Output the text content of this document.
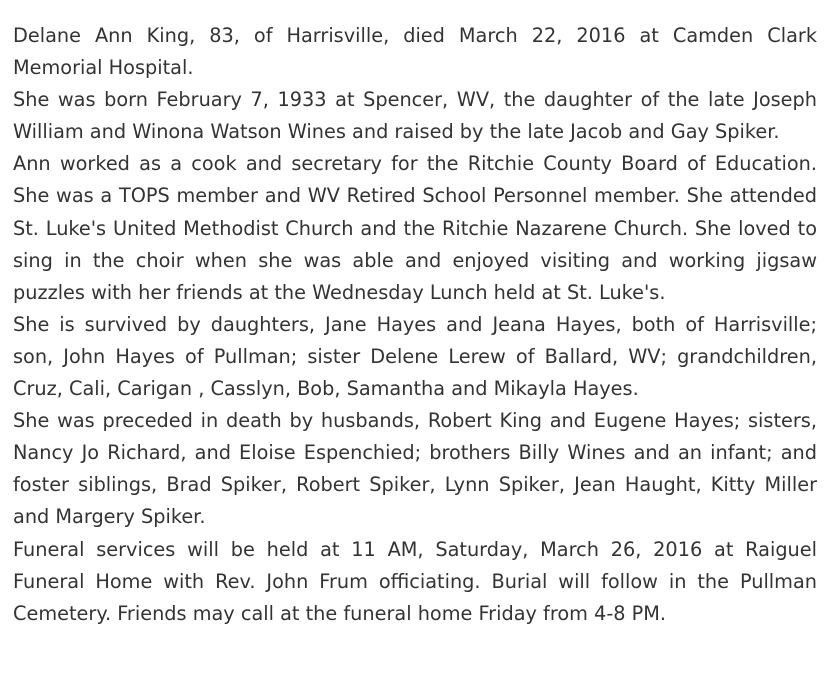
Delane Ann King, 83, of Harrisville, died March 22, 2016 at Camden Clark Memorial Hospital.

She was born February 7, 1933 at Spencer, WV, the daughter of the late Joseph William and Winona Watson Wines and raised by the late Jacob and Gay Spiker.

Ann worked as a cook and secretary for the Ritchie County Board of Education. She was a TOPS member and WV Retired School Personnel member. She attended St. Luke's United Methodist Church and the Ritchie Nazarene Church. She loved to sing in the choir when she was able and enjoyed visiting and working jigsaw puzzles with her friends at the Wednesday Lunch held at St. Luke's.

She is survived by daughters, Jane Hayes and Jeana Hayes, both of Harrisville; son, John Hayes of Pullman; sister Delene Lerew of Ballard, WV; grandchildren, Cruz, Cali, Carigan , Casslyn, Bob, Samantha and Mikayla Hayes.

She was preceded in death by husbands, Robert King and Eugene Hayes; sisters, Nancy Jo Richard, and Eloise Espenchied; brothers Billy Wines and an infant; and foster siblings, Brad Spiker, Robert Spiker, Lynn Spiker, Jean Haught, Kitty Miller and Margery Spiker.

Funeral services will be held at 11 AM, Saturday, March 26, 2016 at Raiguel Funeral Home with Rev. John Frum officiating. Burial will follow in the Pullman Cemetery. Friends may call at the funeral home Friday from 4-8 PM.
